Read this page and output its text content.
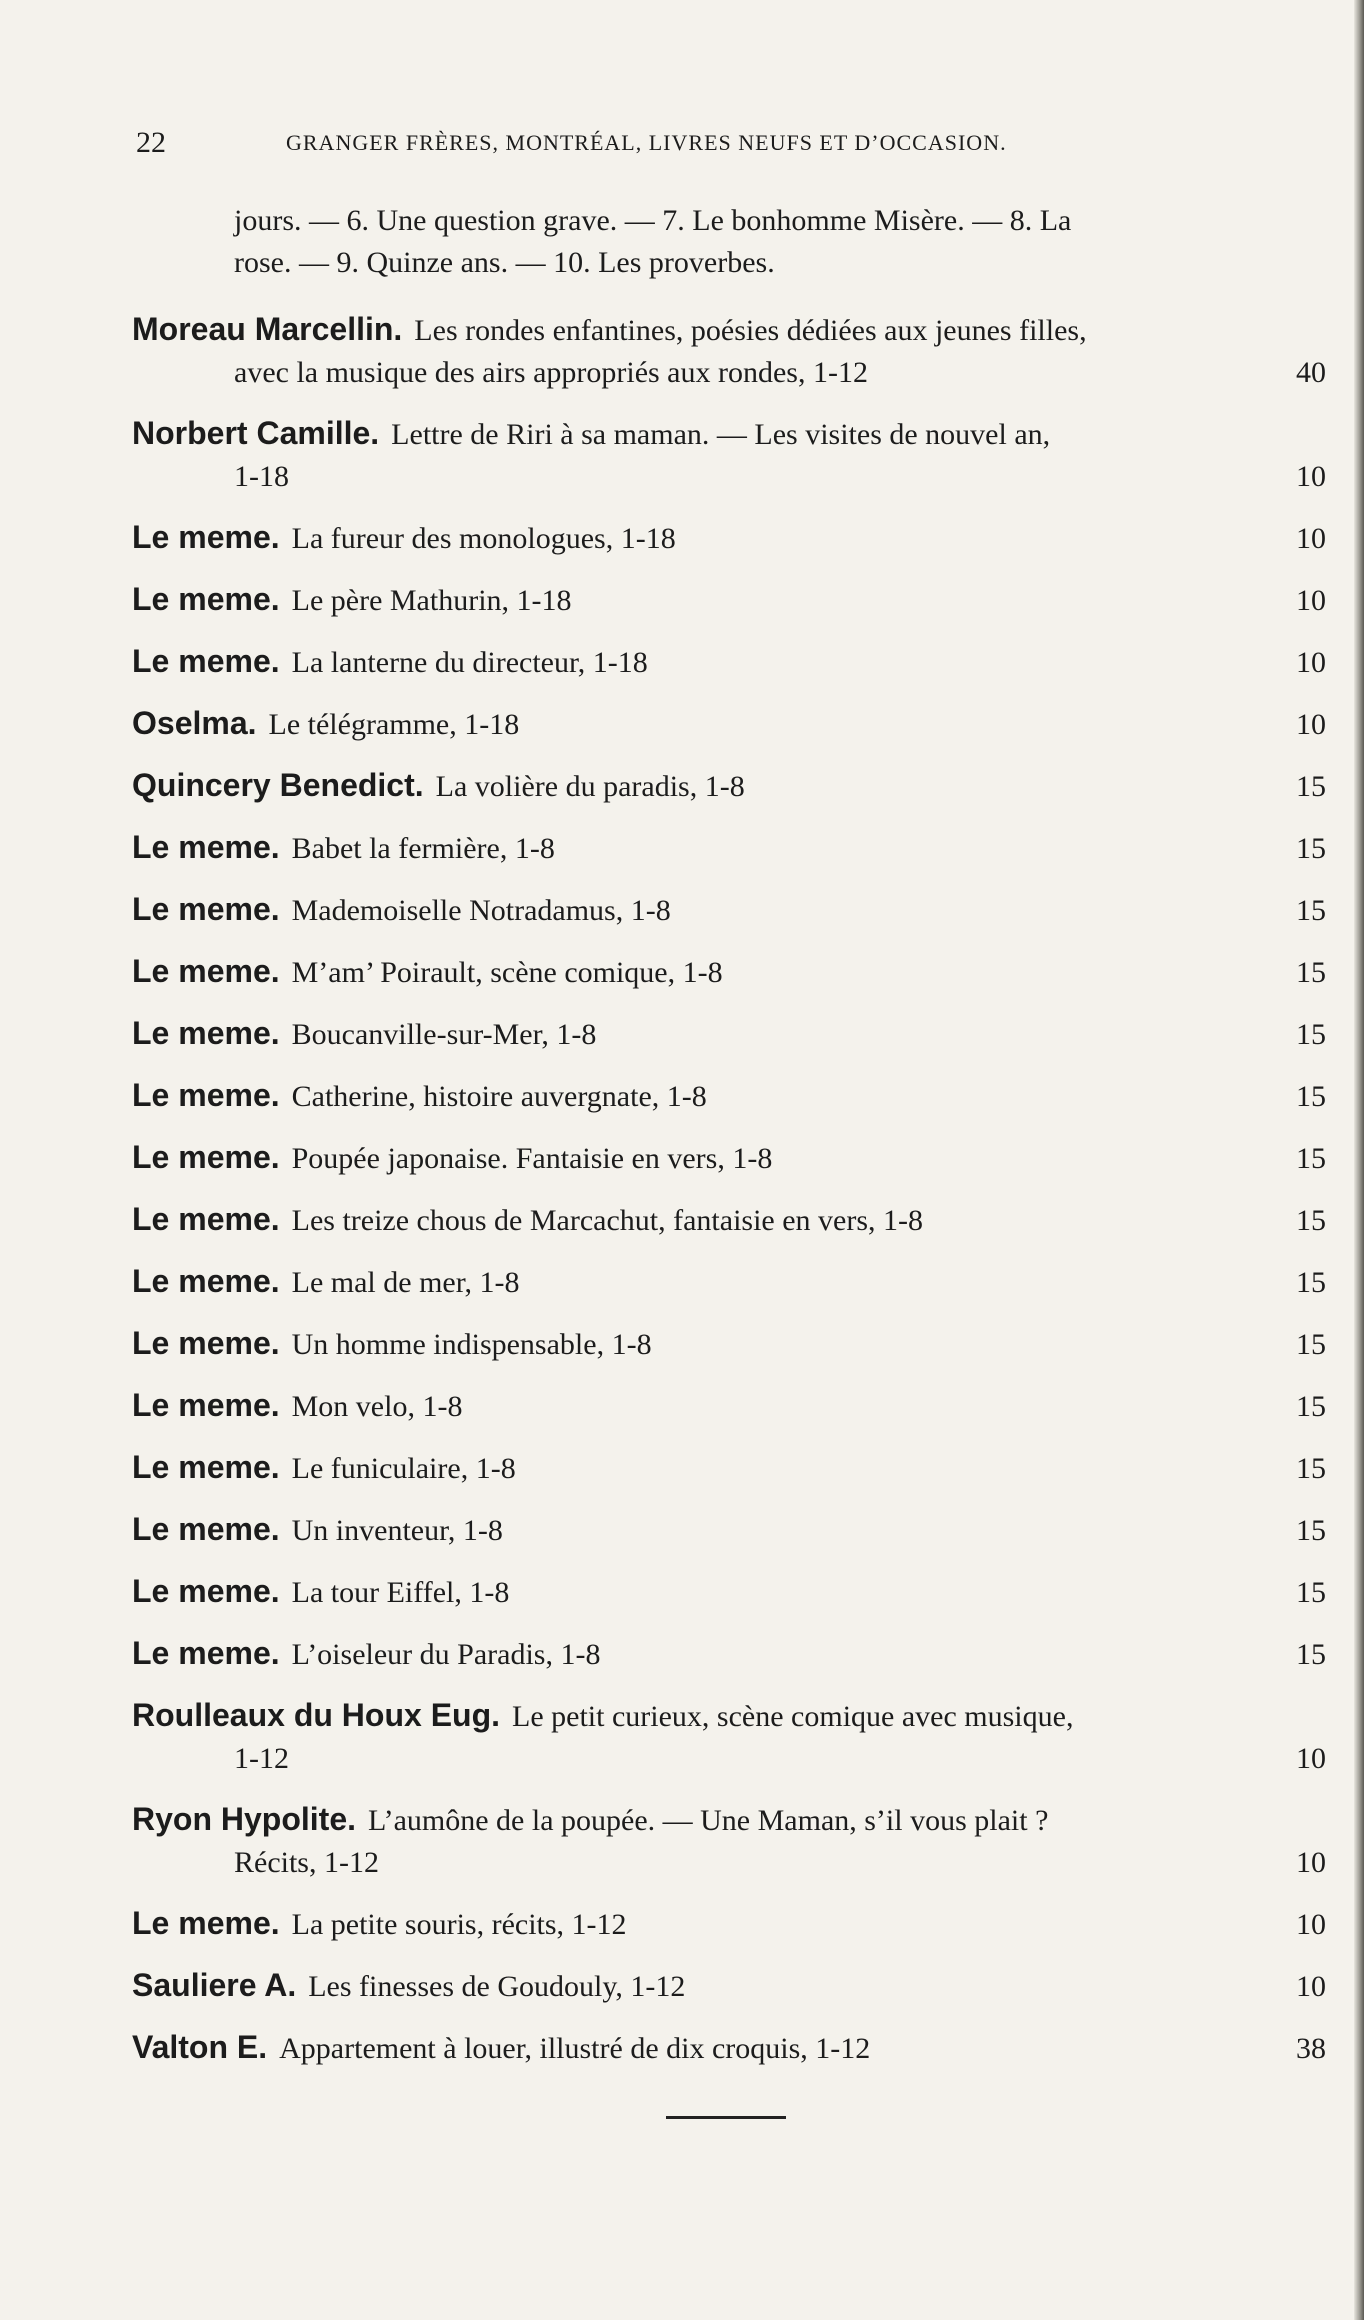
22	GRANGER FRÈRES, MONTRÉAL, LIVRES NEUFS ET D’OCCASION.
jours. — 6. Une question grave. — 7. Le bonhomme Misère. — 8. La
rose. — 9. Quinze ans. — 10. Les proverbes.
Moreau Marcellin. Les rondes enfantines, poésies dédiées aux jeunes filles,
avec la musique des airs appropriés aux rondes, 1-12	40
Norbert Camille. Lettre de Riri à sa maman. — Les visites de nouvel an,
1-18	10
Le meme. La fureur des monologues, 1-18	10
Le meme. Le père Mathurin, 1-18	10
Le meme. La lanterne du directeur, 1-18	10
Oselma. Le télégramme, 1-18	10
Quincery Benedict. La volière du paradis, 1-8	15
Le meme. Babet la fermière, 1-8	15
Le meme. Mademoiselle Notradamus, 1-8	15
Le meme. M’am’ Poirault, scène comique, 1-8	15
Le meme. Boucanville-sur-Mer, 1-8	15
Le meme. Catherine, histoire auvergnate, 1-8	15
Le meme. Poupée japonaise. Fantaisie en vers, 1-8	15
Le meme. Les treize chous de Marcachut, fantaisie en vers, 1-8	15
Le meme. Le mal de mer, 1-8	15
Le meme. Un homme indispensable, 1-8	15
Le meme. Mon velo, 1-8	15
Le meme. Le funiculaire, 1-8	15
Le meme. Un inventeur, 1-8	15
Le meme. La tour Eiffel, 1-8	15
Le meme. L’oiseleur du Paradis, 1-8	15
Roulleaux du Houx Eug. Le petit curieux, scène comique avec musique,
1-12	10
Ryon Hypolite. L’aumône de la poupée. — Une Maman, s’il vous plait ?
Récits, 1-12	10
Le meme. La petite souris, récits, 1-12	10
Sauliere A. Les finesses de Goudouly, 1-12	10
Valton E. Appartement à louer, illustré de dix croquis, 1-12	38
